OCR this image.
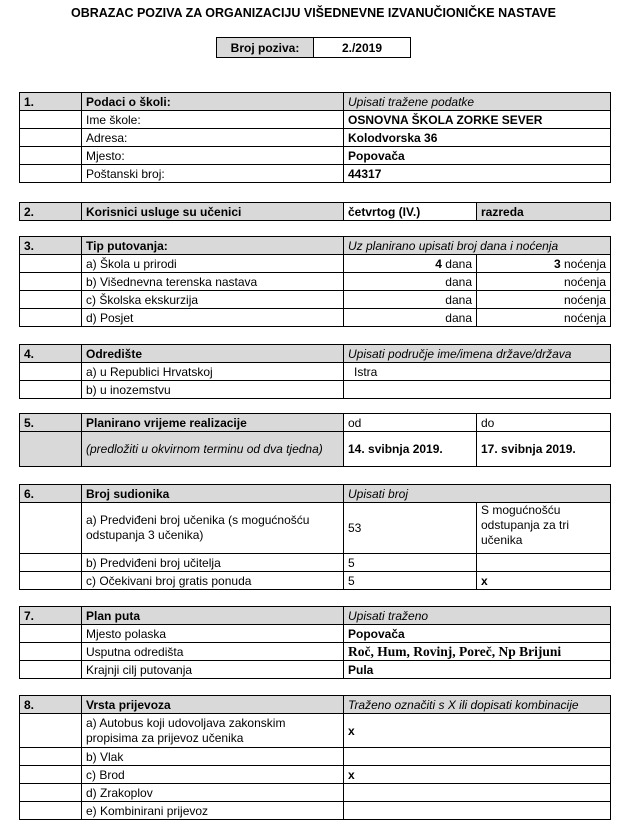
OBRAZAC POZIVA ZA ORGANIZACIJU VIŠEDNEVNE IZVANUČIONIČKE NASTAVE
Broj poziva:	2./2019
1.	Podaci o školi:	Upisati tražene podatke
	Ime škole:	OSNOVNA ŠKOLA ZORKE SEVER
	Adresa:	Kolodvorska 36
	Mjesto:	Popovača
	Poštanski broj:	44317
2.	Korisnici usluge su učenici	četvrtog (IV.)	razreda
3.	Tip putovanja:	Uz planirano upisati broj dana i noćenja	
	a) Škola u prirodi	4 dana	3 noćenja
	b) Višednevna terenska nastava	dana	noćenja
	c) Školska ekskurzija	dana	noćenja
	d) Posjet	dana	noćenja
4.	Odredište	Upisati područje ime/imena države/država
	a) u Republici Hrvatskoj	Istra
	b) u inozemstvu	
5.	Planirano vrijeme realizacije	od	do
	(predložiti u okvirnom terminu od dva tjedna)	14. svibnja 2019.	17. svibnja 2019.
6.	Broj sudionika	Upisati broj	
	a) Predviđeni broj učenika (s mogućnošću odstupanja 3 učenika)	53	S mogućnošću odstupanja za tri učenika
	b) Predviđeni broj učitelja	5	
	c) Očekivani broj gratis ponuda	5	x
7.	Plan puta	Upisati traženo
	Mjesto polaska	Popovača
	Usputna odredišta	Roč, Hum, Rovinj, Poreč, Np Brijuni
	Krajnji cilj putovanja	Pula
8.	Vrsta prijevoza	Traženo označiti s X ili dopisati kombinacije
	a) Autobus koji udovoljava zakonskim propisima za prijevoz učenika	x
	b) Vlak	
	c) Brod	x
	d) Zrakoplov	
	e) Kombinirani prijevoz	
